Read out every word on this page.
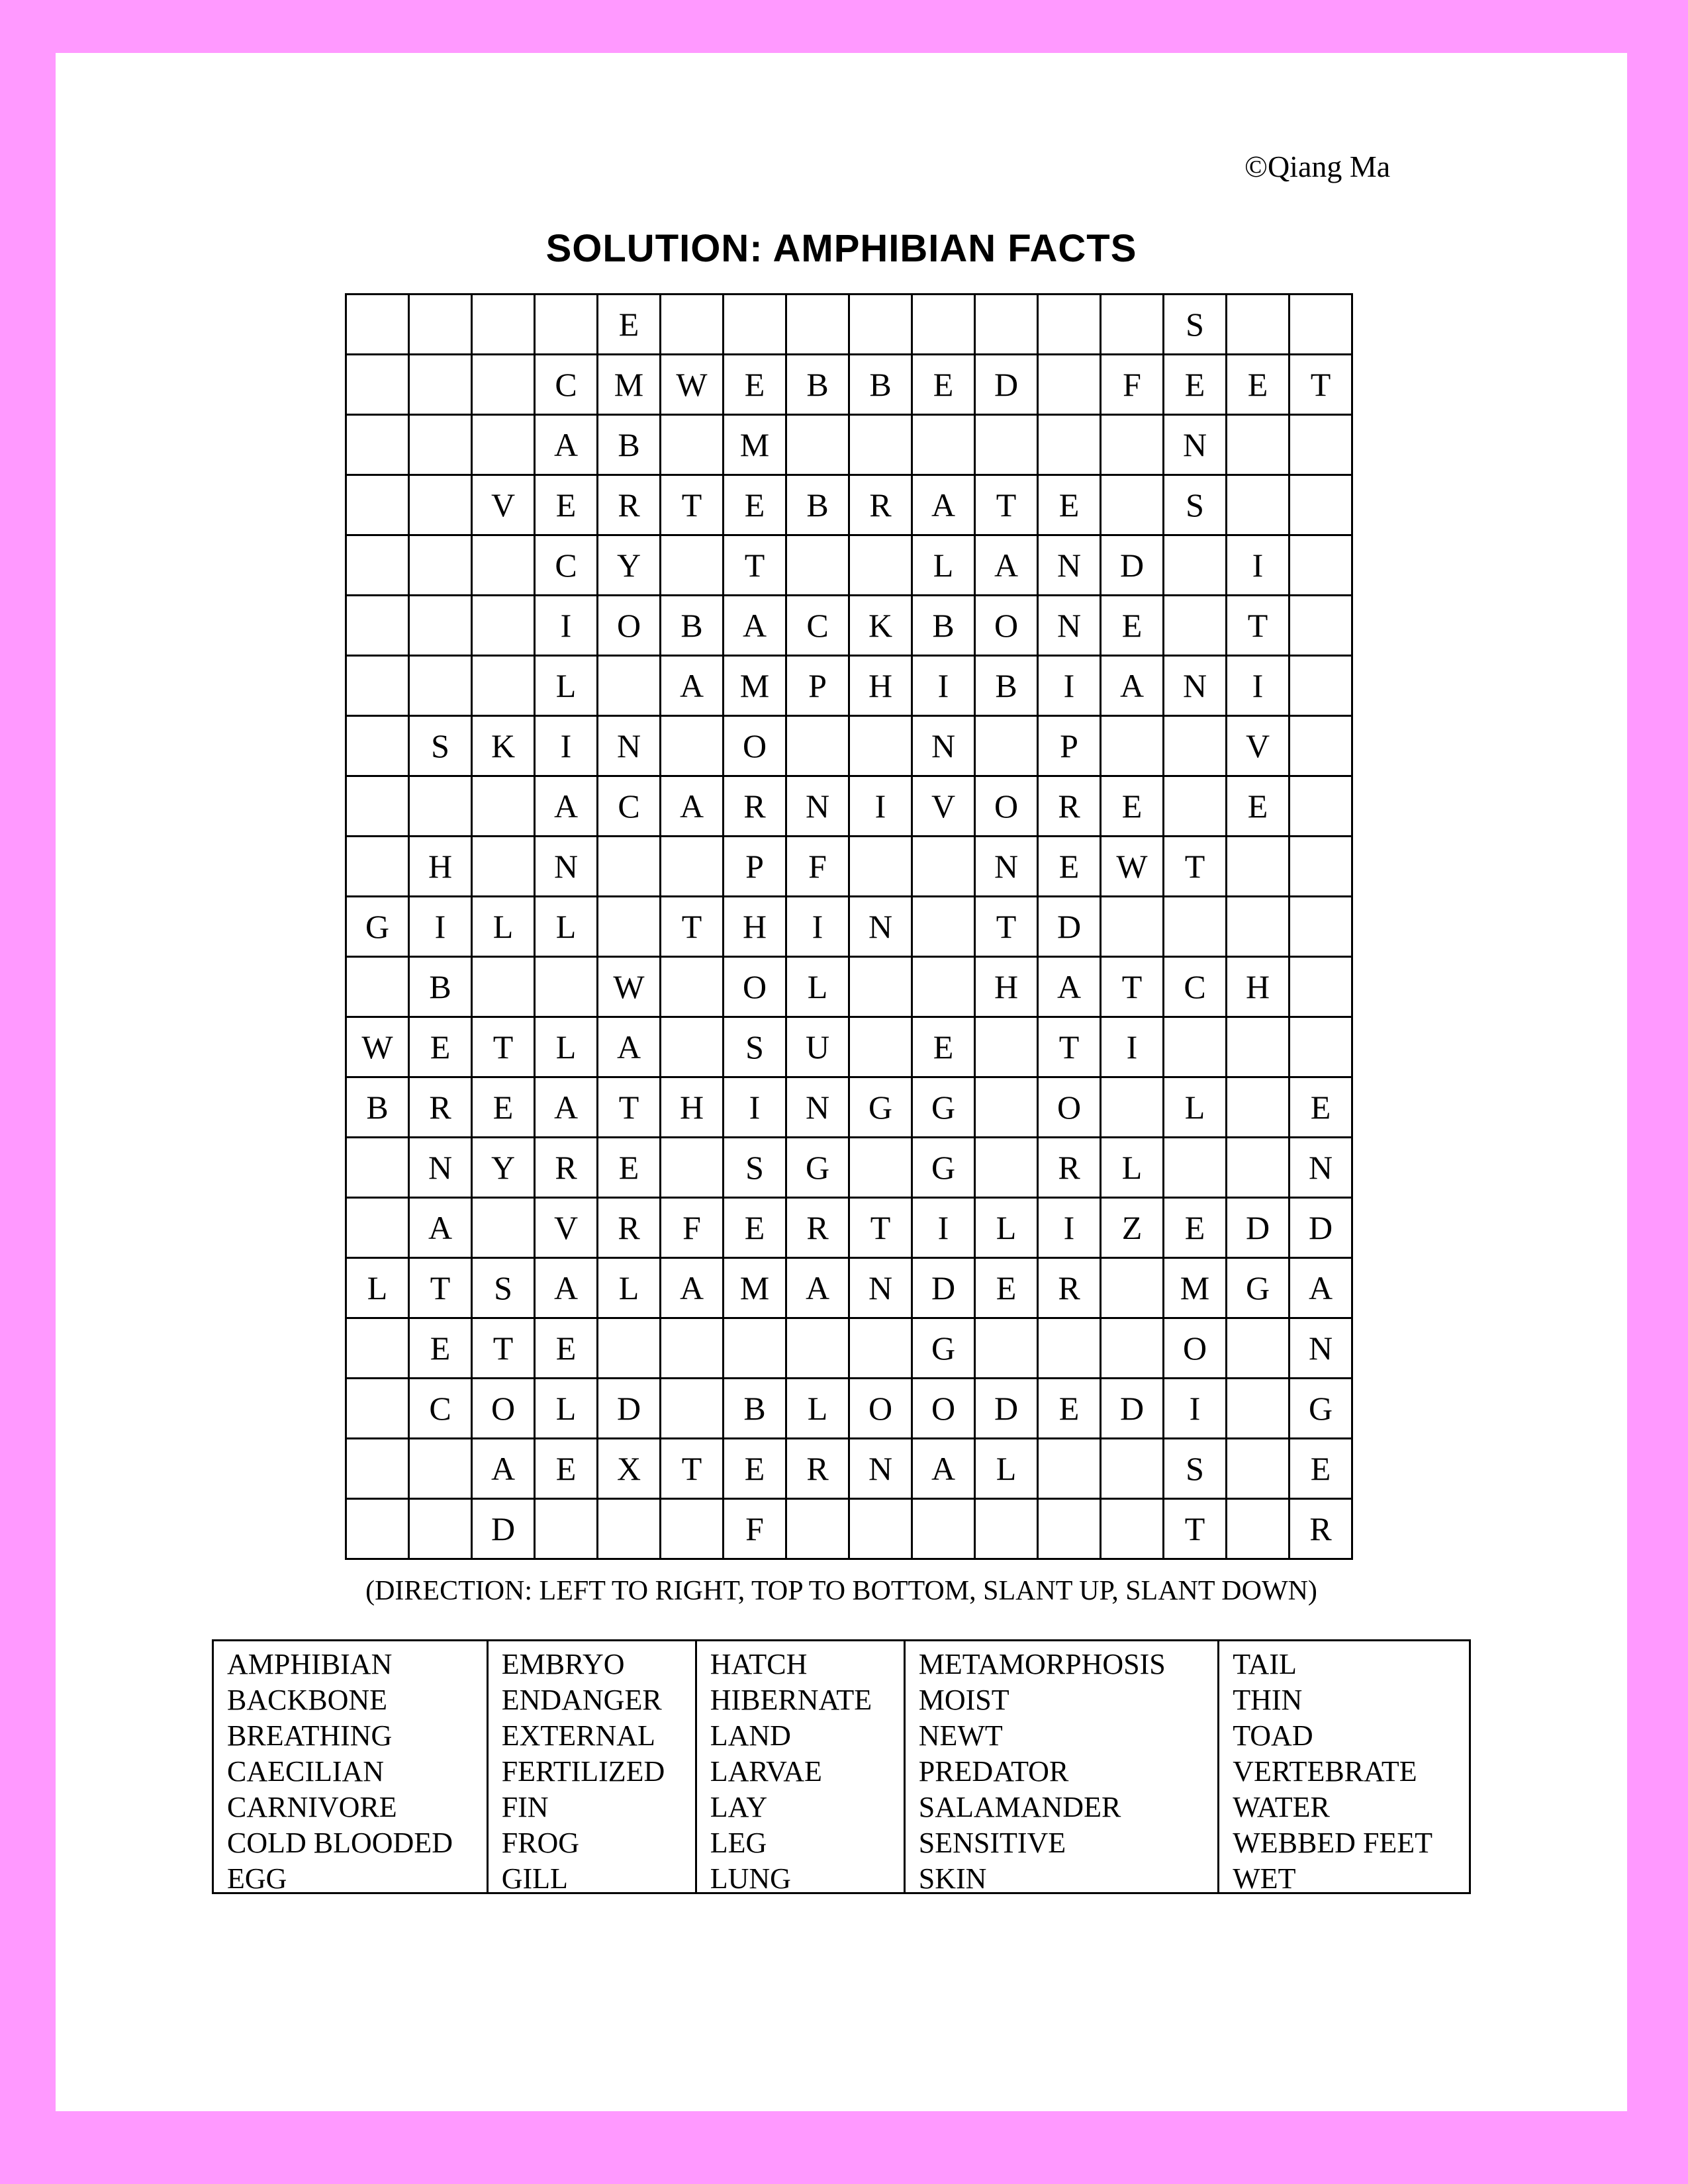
©Qiang Ma
SOLUTION: AMPHIBIAN FACTS
				E									S		
			C	M	W	E	B	B	E	D		F	E	E	T
			A	B		M							N		
		V	E	R	T	E	B	R	A	T	E		S		
			C	Y		T			L	A	N	D		I	
			I	O	B	A	C	K	B	O	N	E		T	
			L		A	M	P	H	I	B	I	A	N	I	
	S	K	I	N		O			N		P			V	
			A	C	A	R	N	I	V	O	R	E		E	
	H		N			P	F			N	E	W	T		
G	I	L	L		T	H	I	N		T	D				
	B			W		O	L			H	A	T	C	H	
W	E	T	L	A		S	U		E		T	I			
B	R	E	A	T	H	I	N	G	G		O		L		E
	N	Y	R	E		S	G		G		R	L			N
	A		V	R	F	E	R	T	I	L	I	Z	E	D	D
L	T	S	A	L	A	M	A	N	D	E	R		M	G	A
	E	T	E						G				O		N
	C	O	L	D		B	L	O	O	D	E	D	I		G
		A	E	X	T	E	R	N	A	L			S		E
		D				F							T		R
(DIRECTION: LEFT TO RIGHT, TOP TO BOTTOM, SLANT UP, SLANT DOWN)
AMPHIBIAN
BACKBONE
BREATHING
CAECILIAN
CARNIVORE
COLD BLOODED
EGG
EMBRYO
ENDANGER
EXTERNAL
FERTILIZED
FIN
FROG
GILL
HATCH
HIBERNATE
LAND
LARVAE
LAY
LEG
LUNG
METAMORPHOSIS
MOIST
NEWT
PREDATOR
SALAMANDER
SENSITIVE
SKIN
TAIL
THIN
TOAD
VERTEBRATE
WATER
WEBBED FEET
WET
